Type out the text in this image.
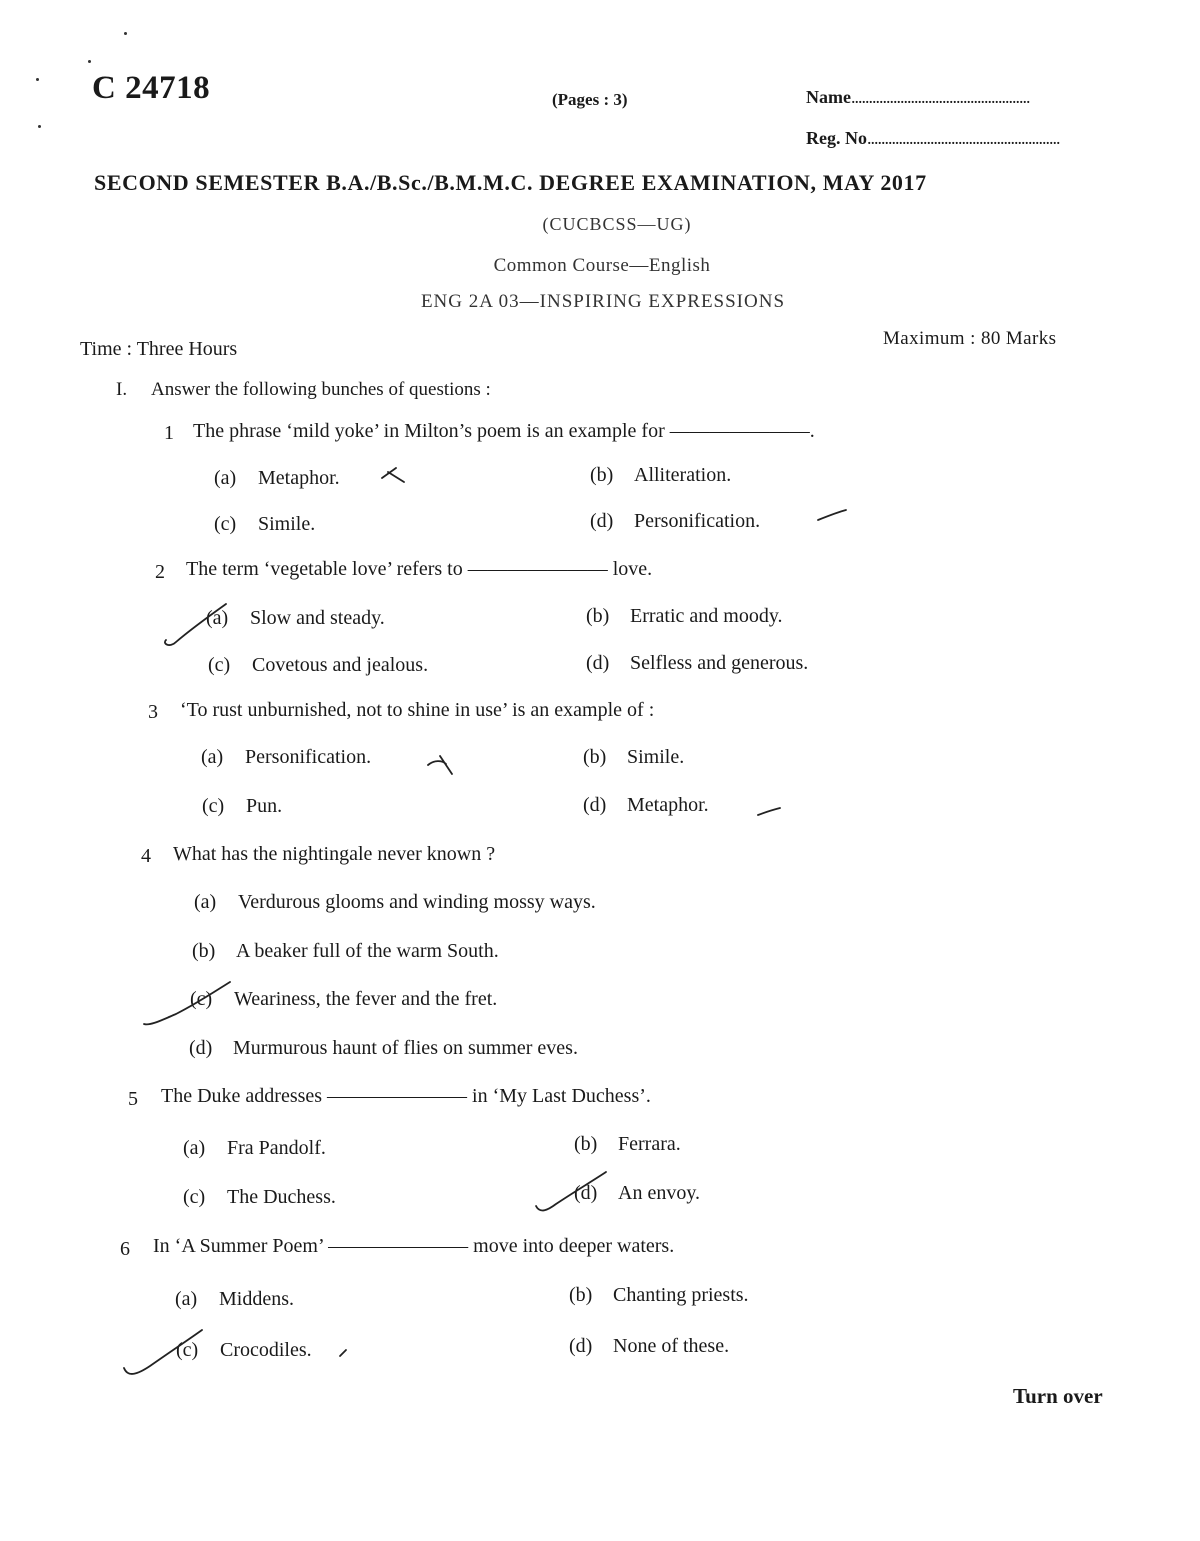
C 24718	(Pages : 3)	Name...................................................
Reg. No.......................................................
SECOND SEMESTER B.A./B.Sc./B.M.M.C. DEGREE EXAMINATION, MAY 2017
(CUCBCSS—UG)
Common Course—English
ENG 2A 03—INSPIRING EXPRESSIONS
Time : Three Hours	Maximum : 80 Marks
I. Answer the following bunches of questions :
1 The phrase ‘mild yoke’ in Milton’s poem is an example for ———————.
(a) Metaphor.	(b) Alliteration.
(c) Simile.	(d) Personification.
2 The term ‘vegetable love’ refers to ——————— love.
(a) Slow and steady.	(b) Erratic and moody.
(c) Covetous and jealous.	(d) Selfless and generous.
3 ‘To rust unburnished, not to shine in use’ is an example of :
(a) Personification.	(b) Simile.
(c) Pun.	(d) Metaphor.
4 What has the nightingale never known ?
(a) Verdurous glooms and winding mossy ways.
(b) A beaker full of the warm South.
(c) Weariness, the fever and the fret.
(d) Murmurous haunt of flies on summer eves.
5 The Duke addresses ——————— in ‘My Last Duchess’.
(a) Fra Pandolf.	(b) Ferrara.
(c) The Duchess.	(d) An envoy.
6 In ‘A Summer Poem’ ——————— move into deeper waters.
(a) Middens.	(b) Chanting priests.
(c) Crocodiles.	(d) None of these.
Turn over
